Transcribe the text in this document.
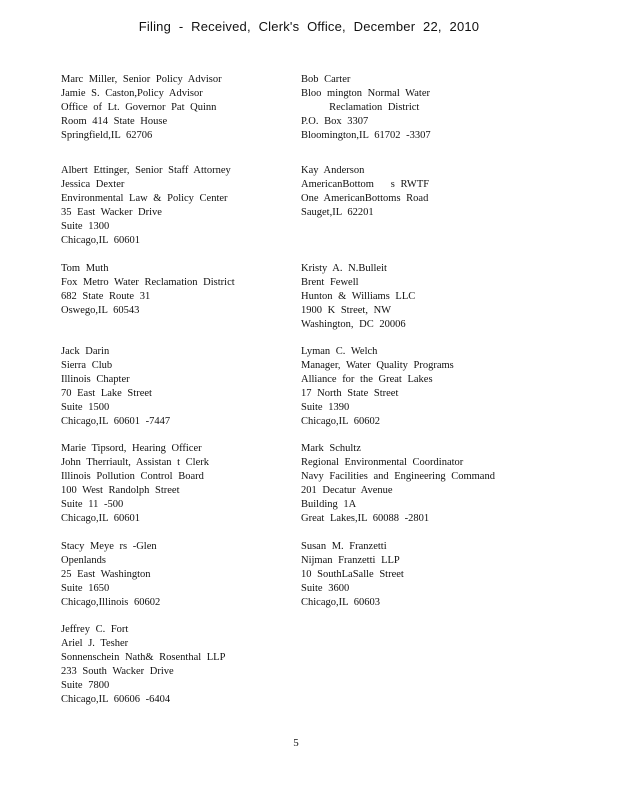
Filing - Received, Clerk's Office, December 22, 2010
Marc Miller, Senior Policy Advisor
Jamie S. Caston,Policy Advisor
Office of Lt. Governor Pat Quinn
Room 414 State House
Springfield,IL 62706
Albert Ettinger, Senior Staff Attorney
Jessica Dexter
Environmental Law & Policy Center
35 East Wacker Drive
Suite 1300
Chicago,IL 60601
Tom Muth
Fox Metro Water Reclamation District
682 State Route 31
Oswego,IL 60543
Jack Darin
Sierra Club
Illinois Chapter
70 East Lake Street
Suite 1500
Chicago,IL 60601 -7447
Marie Tipsord, Hearing Officer
John Therriault, Assistan t Clerk
Illinois Pollution Control Board
100 West Randolph Street
Suite 11 -500
Chicago,IL 60601
Stacy Meye rs -Glen
Openlands
25 East Washington
Suite 1650
Chicago,Illinois 60602
Jeffrey C. Fort
Ariel J. Tesher
Sonnenschein Nath& Rosenthal LLP
233 South Wacker Drive
Suite 7800
Chicago,IL 60606 -6404
Bob Carter
Bloo mington Normal Water
Reclamation District
P.O. Box 3307
Bloomington,IL 61702 -3307
Kay Anderson
AmericanBottom   s RWTF
One AmericanBottoms Road
Sauget,IL 62201
Kristy A. N.Bulleit
Brent Fewell
Hunton & Williams LLC
1900 K Street, NW
Washington, DC 20006
Lyman C. Welch
Manager, Water Quality Programs
Alliance for the Great Lakes
17 North State Street
Suite 1390
Chicago,IL 60602
Mark Schultz
Regional Environmental Coordinator
Navy Facilities and Engineering Command
201 Decatur Avenue
Building 1A
Great Lakes,IL 60088 -2801
Susan M. Franzetti
Nijman Franzetti LLP
10 SouthLaSalle Street
Suite 3600
Chicago,IL 60603
5
